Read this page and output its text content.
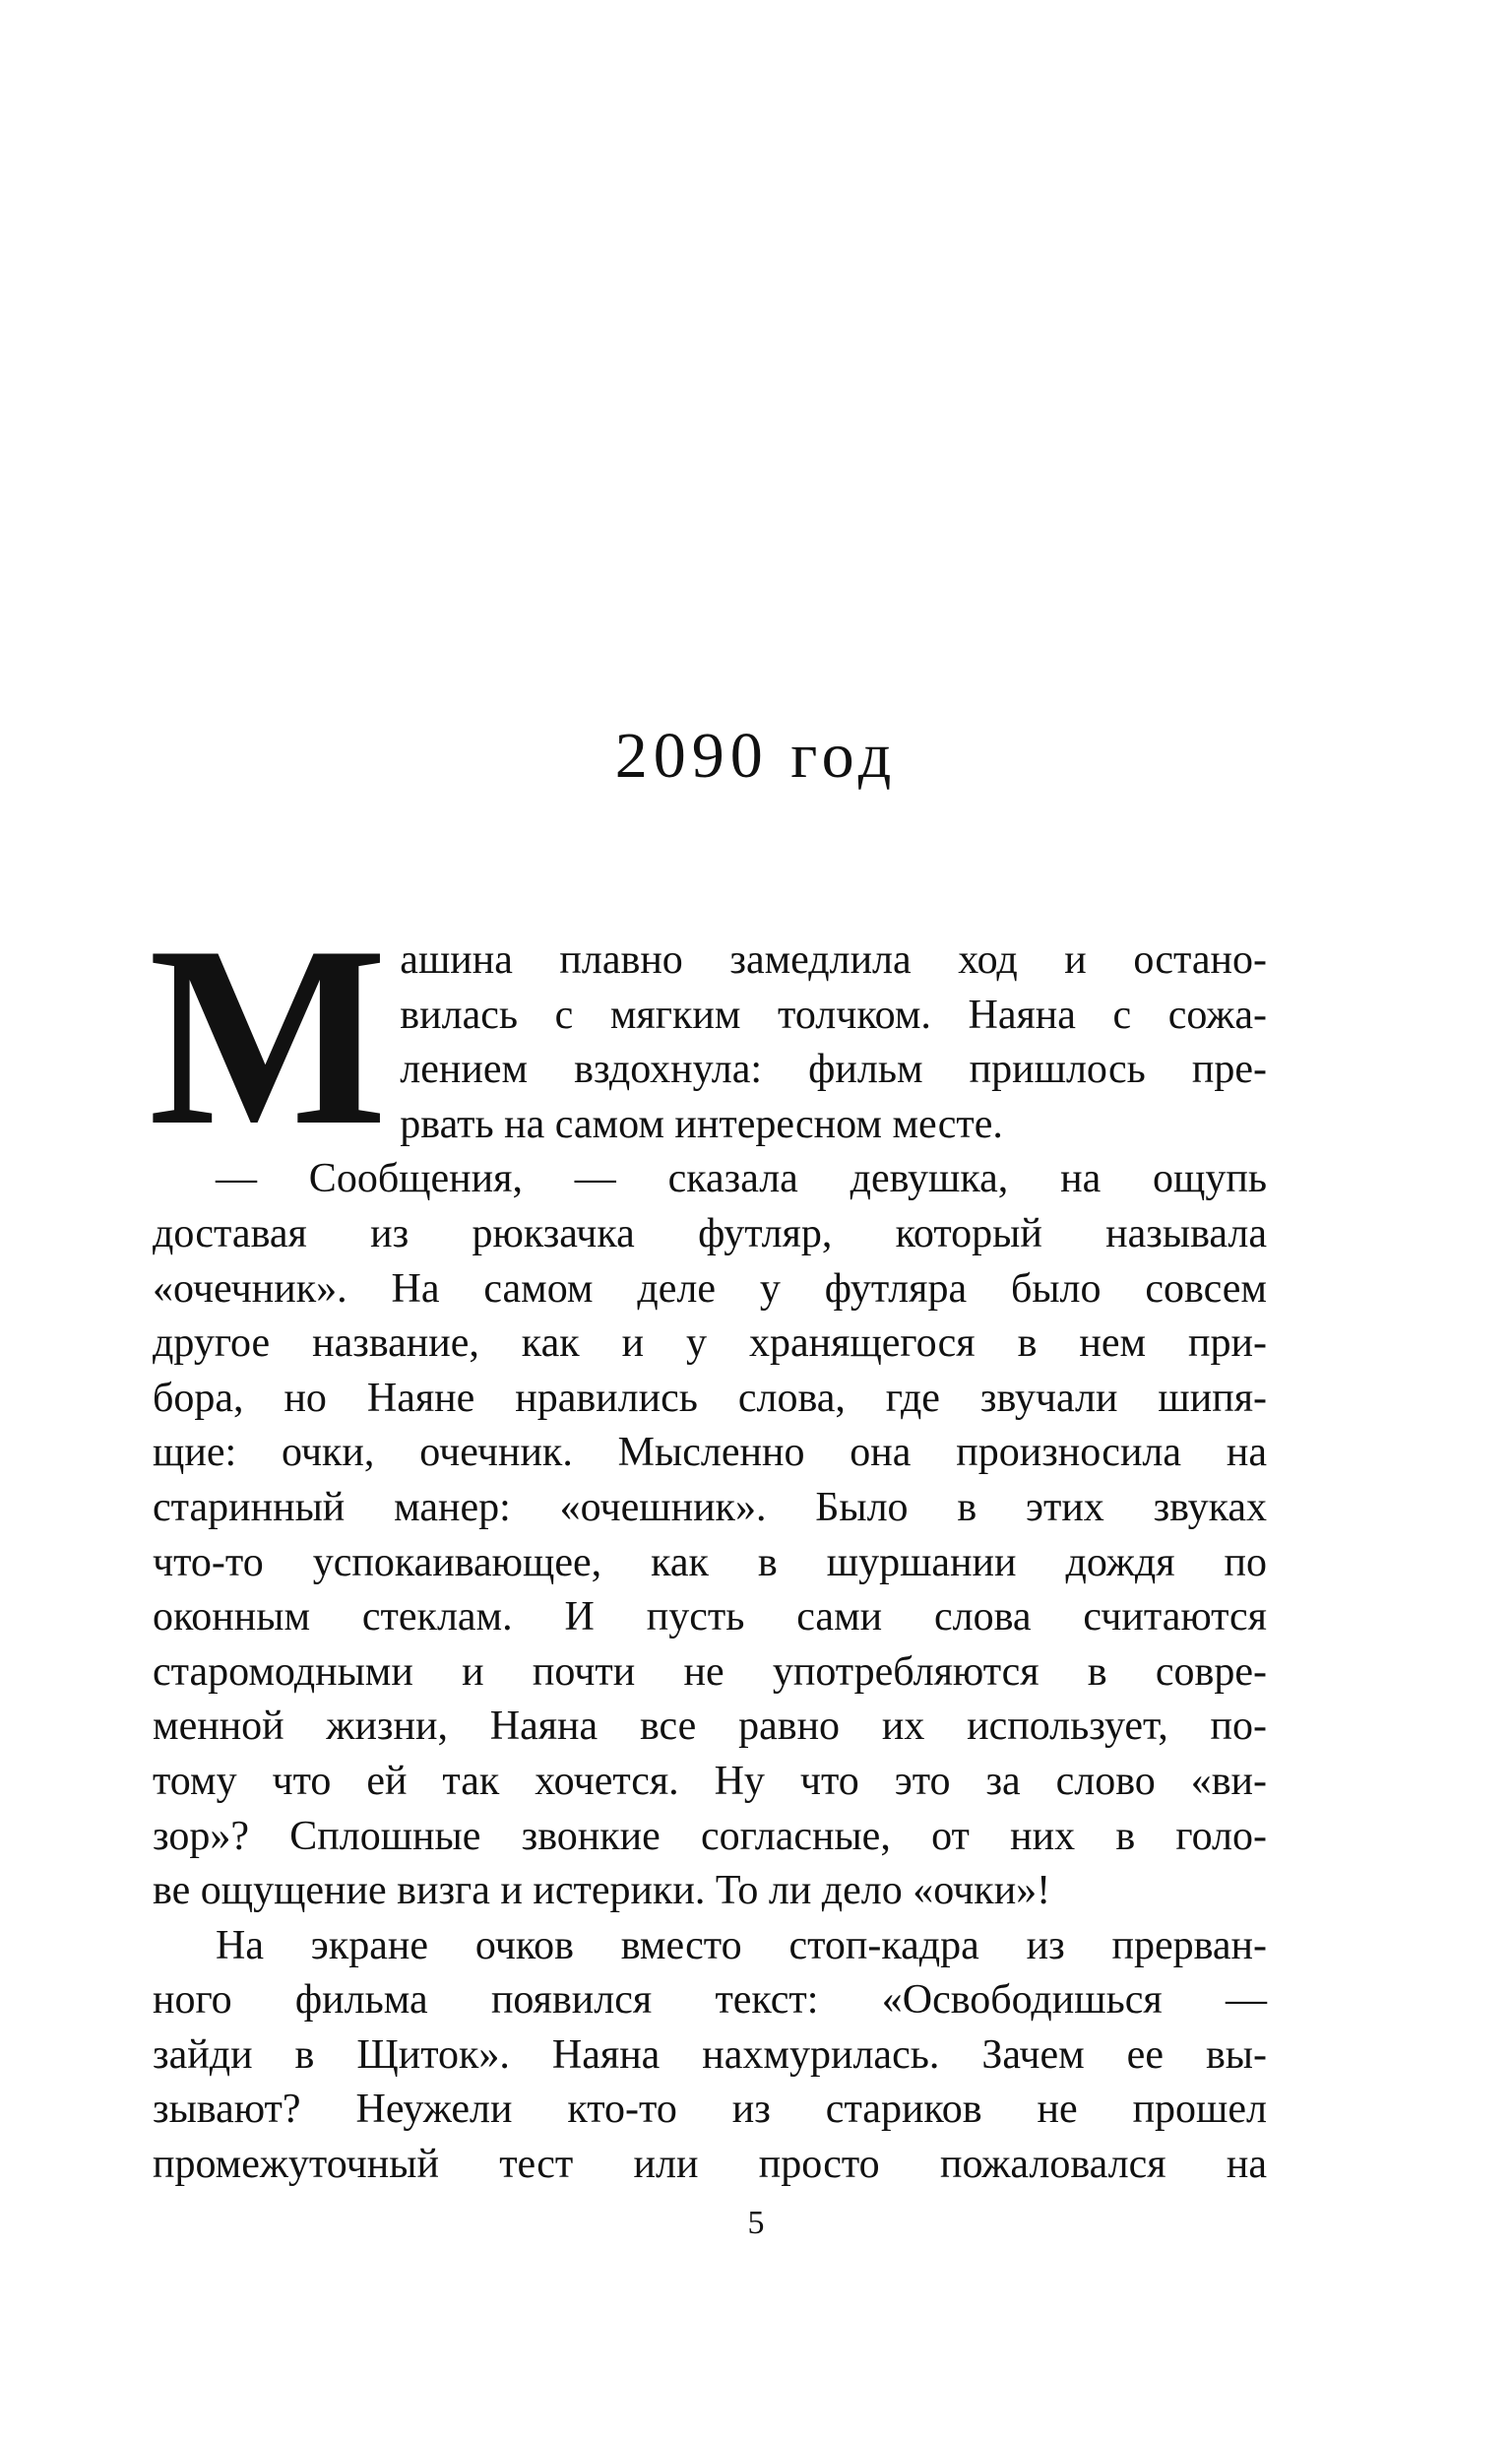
2090 год
М ашина плавно замедлила ход и остано-
вилась с мягким толчком. Наяна с сожа-
лением вздохнула: фильм пришлось пре-
рвать на самом интересном месте.
— Сообщения, — сказала девушка, на ощупь
доставая из рюкзачка футляр, который называла
«очечник». На самом деле у футляра было совсем
другое название, как и у хранящегося в нем при-
бора, но Наяне нравились слова, где звучали шипя-
щие: очки, очечник. Мысленно она произносила на
старинный манер: «очешник». Было в этих звуках
что-то успокаивающее, как в шуршании дождя по
оконным стеклам. И пусть сами слова считаются
старомодными и почти не употребляются в совре-
менной жизни, Наяна все равно их использует, по-
тому что ей так хочется. Ну что это за слово «ви-
зор»? Сплошные звонкие согласные, от них в голо-
ве ощущение визга и истерики. То ли дело «очки»!
На экране очков вместо стоп-кадра из прерван-
ного фильма появился текст: «Освободишься —
зайди в Щиток». Наяна нахмурилась. Зачем ее вы-
зывают? Неужели кто-то из стариков не прошел
промежуточный тест или просто пожаловался на
5
